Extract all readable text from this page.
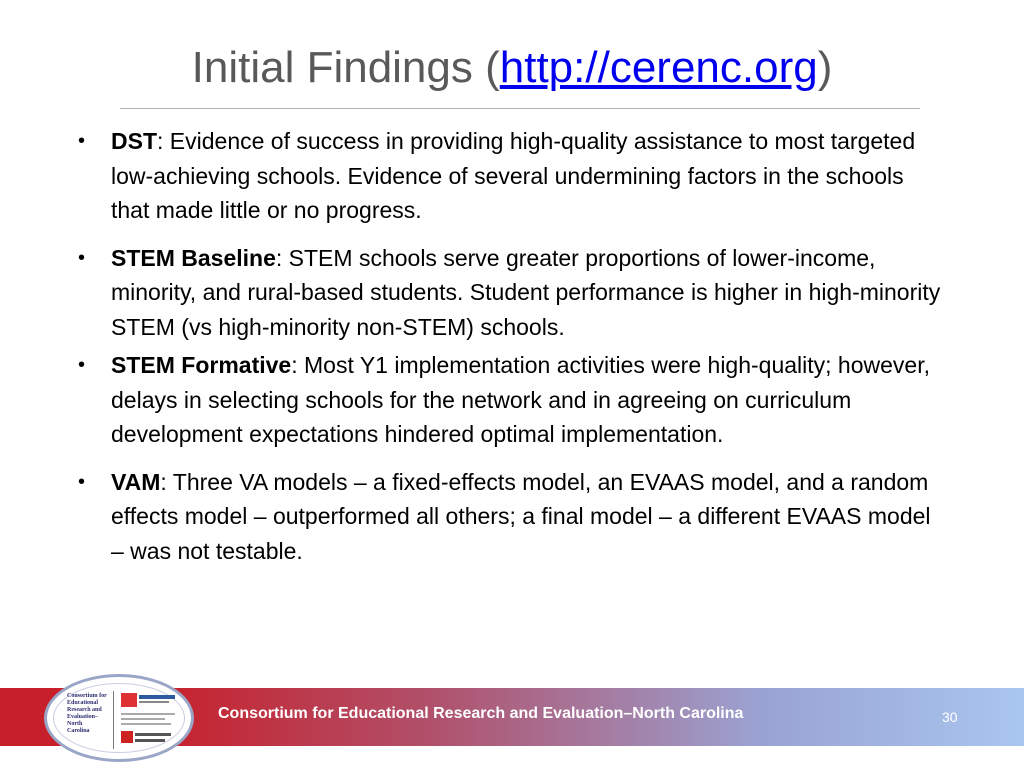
Initial Findings (http://cerenc.org)
• DST: Evidence of success in providing high-quality assistance to most targeted low-achieving schools. Evidence of several undermining factors in the schools that made little or no progress.
• STEM Baseline: STEM schools serve greater proportions of lower-income, minority, and rural-based students. Student performance is higher in high-minority STEM (vs high-minority non-STEM) schools.
• STEM Formative: Most Y1 implementation activities were high-quality; however, delays in selecting schools for the network and in agreeing on curriculum development expectations hindered optimal implementation.
• VAM: Three VA models – a fixed-effects model, an EVAAS model, and a random effects model – outperformed all others; a final model – a different EVAAS model – was not testable.
Consortium for Educational Research and Evaluation–North Carolina	30
Consortium for
Educational
Research and
Evaluation–
North
Carolina
